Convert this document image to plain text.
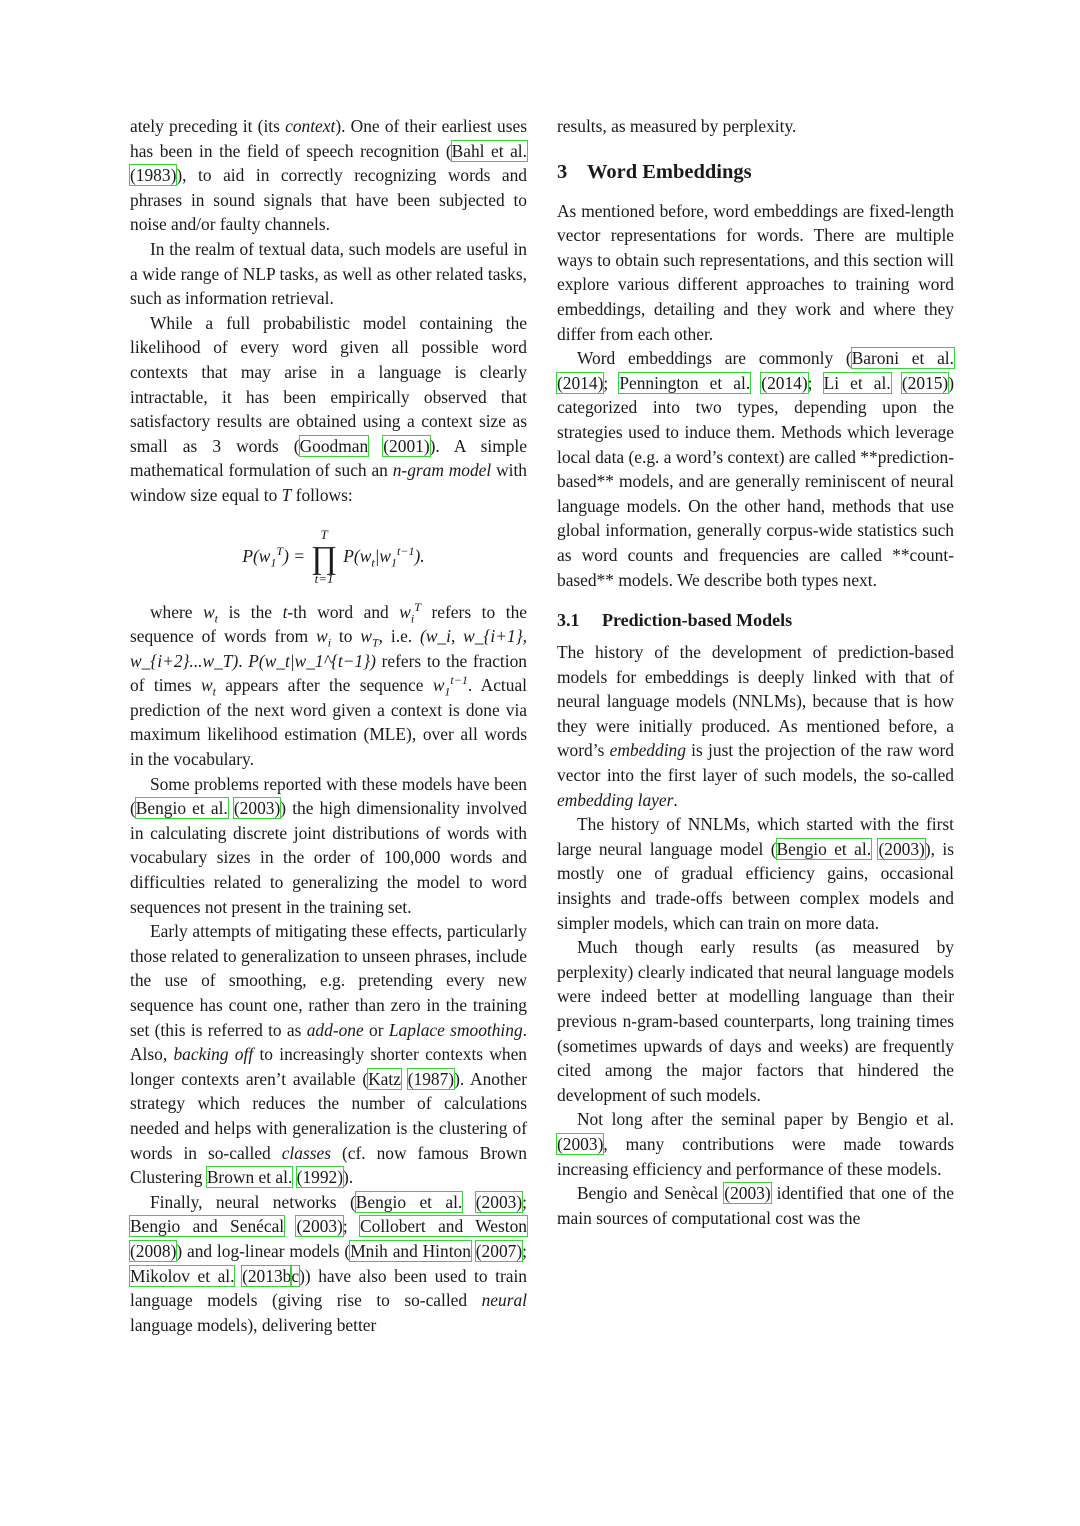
ately preceding it (its context). One of their earliest uses has been in the field of speech recognition (Bahl et al. (1983)), to aid in correctly recognizing words and phrases in sound signals that have been subjected to noise and/or faulty channels.

In the realm of textual data, such models are useful in a wide range of NLP tasks, as well as other related tasks, such as information retrieval.

While a full probabilistic model containing the likelihood of every word given all possible word contexts that may arise in a language is clearly intractable, it has been empirically observed that satisfactory results are obtained using a context size as small as 3 words (Goodman (2001)). A simple mathematical formulation of such an n-gram model with window size equal to T follows:

$P(w_1^T)$ =
T
∏
t=1
$P(w_t|w_1^{t-1})$.

where $w_t$ is the t-th word and $w_i^T$ refers to the sequence of words from $w_i$ to $w_T$, i.e. (w_i, w_{i+1}, w_{i+2}...w_T). P(w_t|w_1^{t−1}) refers to the fraction of times $w_t$ appears after the sequence $w_1^{t-1}$. Actual prediction of the next word given a context is done via maximum likelihood estimation (MLE), over all words in the vocabulary.

Some problems reported with these models have been (Bengio et al. (2003)) the high dimensionality involved in calculating discrete joint distributions of words with vocabulary sizes in the order of 100,000 words and difficulties related to generalizing the model to word sequences not present in the training set.

Early attempts of mitigating these effects, particularly those related to generalization to unseen phrases, include the use of smoothing, e.g. pretending every new sequence has count one, rather than zero in the training set (this is referred to as add-one or Laplace smoothing. Also, backing off to increasingly shorter contexts when longer contexts aren’t available (Katz (1987)). Another strategy which reduces the number of calculations needed and helps with generalization is the clustering of words in so-called classes (cf. now famous Brown Clustering Brown et al. (1992)).

Finally, neural networks (Bengio et al. (2003); Bengio and Senécal (2003); Collobert and Weston (2008)) and log-linear models (Mnih and Hinton (2007); Mikolov et al. (2013bc)) have also been used to train language models (giving rise to so-called neural language models), delivering better

results, as measured by perplexity.

3 Word Embeddings

As mentioned before, word embeddings are fixed-length vector representations for words. There are multiple ways to obtain such representations, and this section will explore various different approaches to training word embeddings, detailing and they work and where they differ from each other.

Word embeddings are commonly (Baroni et al. (2014); Pennington et al. (2014); Li et al. (2015)) categorized into two types, depending upon the strategies used to induce them. Methods which leverage local data (e.g. a word’s context) are called **prediction-based** models, and are generally reminiscent of neural language models. On the other hand, methods that use global information, generally corpus-wide statistics such as word counts and frequencies are called **count-based** models. We describe both types next.

3.1 Prediction-based Models

The history of the development of prediction-based models for embeddings is deeply linked with that of neural language models (NNLMs), because that is how they were initially produced. As mentioned before, a word’s embedding is just the projection of the raw word vector into the first layer of such models, the so-called embedding layer.

The history of NNLMs, which started with the first large neural language model (Bengio et al. (2003)), is mostly one of gradual efficiency gains, occasional insights and trade-offs between complex models and simpler models, which can train on more data.

Much though early results (as measured by perplexity) clearly indicated that neural language models were indeed better at modelling language than their previous n-gram-based counterparts, long training times (sometimes upwards of days and weeks) are frequently cited among the major factors that hindered the development of such models.

Not long after the seminal paper by Bengio et al. (2003), many contributions were made towards increasing efficiency and performance of these models.

Bengio and Senècal (2003) identified that one of the main sources of computational cost was the
